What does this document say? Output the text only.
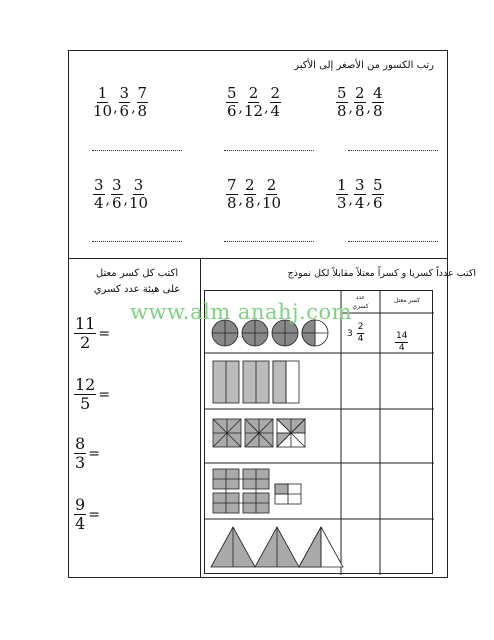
رتب الكسور من الأصغر إلى الأكبر
$\frac{1}{10}$ , $\frac{3}{6}$ , $\frac{7}{8}$	$\frac{5}{6}$ , $\frac{2}{12}$ , $\frac{2}{4}$	$\frac{5}{8}$ , $\frac{2}{8}$ , $\frac{4}{8}$
$\frac{3}{4}$ , $\frac{3}{6}$ , $\frac{3}{10}$	$\frac{7}{8}$ , $\frac{2}{8}$ , $\frac{2}{10}$	$\frac{1}{3}$ , $\frac{3}{4}$ , $\frac{5}{6}$
اكتب كل كسر معتل
على هيئة عدد كسري
$\frac{11}{2}$ =
$\frac{12}{5}$ =
$\frac{8}{3}$ =
$\frac{9}{4}$ =
اكتب عدداً كسريا و كسراً معتلاً مقابلاً لكل نموذج
كسر معتل
عدد
كسري
$3 \frac{2}{4}$	$\frac{14}{4}$
www.alm anahj.com
